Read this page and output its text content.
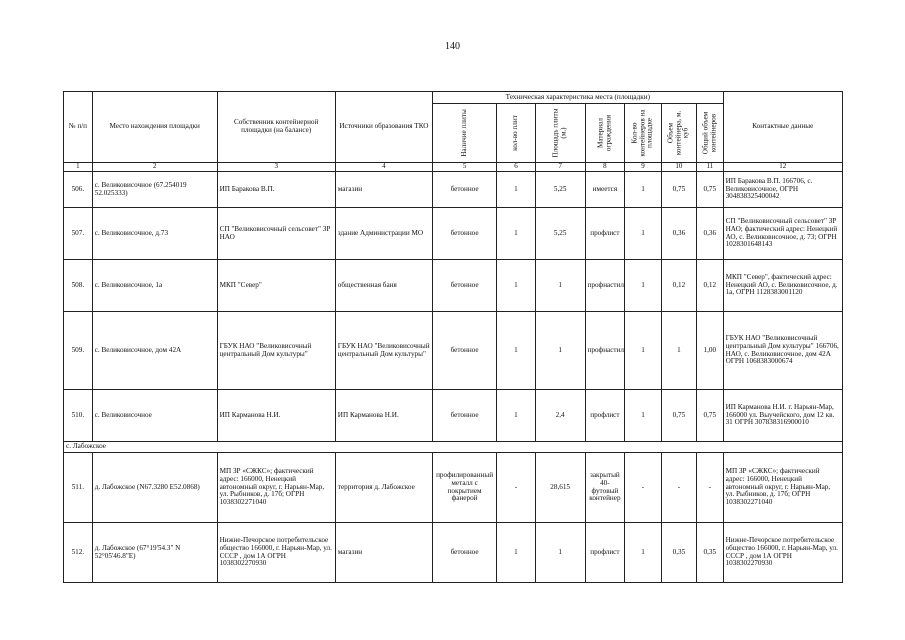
140
№ п/п	Место нахождения площадки	Собственник контейнерной площадки (на балансе)	Источники образования ТКО	Техническая характеристика места (площадки)							Контактные данные

				Наличие плиты	кол-во плит	Площадь плиты (м.)	Материал ограждения	Кол-во контейнеров на площадке	Объем контейнера, м. куб	Общий объем контейнеров	

1	2	3	4	5	6	7	8	9	10	11	12
506.	с. Великовисочное (67.254019 52.025333)	ИП Баракова В.П.	магазин	бетонное	1	5,25	имеется	1	0,75	0,75	ИП Баракова В.П. 166706, с. Великовисочное, ОГРН 304838325400042
507.	с. Великовисочное, д.73	СП "Великовисочный сельсовет" ЗР НАО	здание Администрации МО	бетонное	1	5,25	профлист	1	0,36	0,36	СП "Великовисочный сельсовет" ЗР НАО; фактический адрес: Ненецкий АО, с. Великовисочное, д. 73; ОГРН 1028301648143
508.	с. Великовисочное, 1а	МКП "Север"	общественная баня	бетонное	1	1	профнастил	1	0,12	0,12	МКП "Север", фактический адрес: Ненецкий АО, с. Великовисочное, д. 1а, ОГРН 1128383001120
509.	с. Великовисочное, дом 42А	ГБУК НАО "Великовисочный центральный Дом культуры"	ГБУК НАО "Великовисочный центральный Дом культуры"	бетонное	1	1	профнастил	1	1	1,00	ГБУК НАО "Великовисочный центральный Дом культуры" 166706, НАО, с. Великовисочное, дом 42А ОГРН 1068383000674
510.	с. Великовисочное	ИП Карманова Н.И.	ИП Карманова Н.И.	бетонное	1	2,4	профлист	1	0,75	0,75	ИП Карманова Н.И. г. Нарьян-Мар, 166000 ул. Выучейского, дом 12 кв. 31 ОГРН 307838316900010
с. Лабожское											
511.	д. Лабожское (N67.3280 E52.0868)	МП ЗР «СЖКС»; фактический адрес: 166000, Ненецкий автономный округ, г. Нарьян-Мар, ул. Рыбников, д. 17б; ОГРН 1038302271040	территория д. Лабожское	профилированный металл с покрытием фанерой	-	28,615	закрытый 40-футовый контейнер	-	-	-	МП ЗР «СЖКС»; фактический адрес: 166000, Ненецкий автономный округ, г. Нарьян-Мар, ул. Рыбников, д. 17б; ОГРН 1038302271040
512.	д. Лабожское (67°19'54.3" N 52°05'46.8"E)	Нижне-Печорское потребительское общество 166000, г. Нарьян-Мар, ул. СССР , дом 1А ОГРН 1038302270930	магазин	бетонное	1	1	профлист	1	0,35	0,35	Нижне-Печорское потребительское общество 166000, г. Нарьян-Мар, ул. СССР , дом 1А ОГРН 1038302270930
